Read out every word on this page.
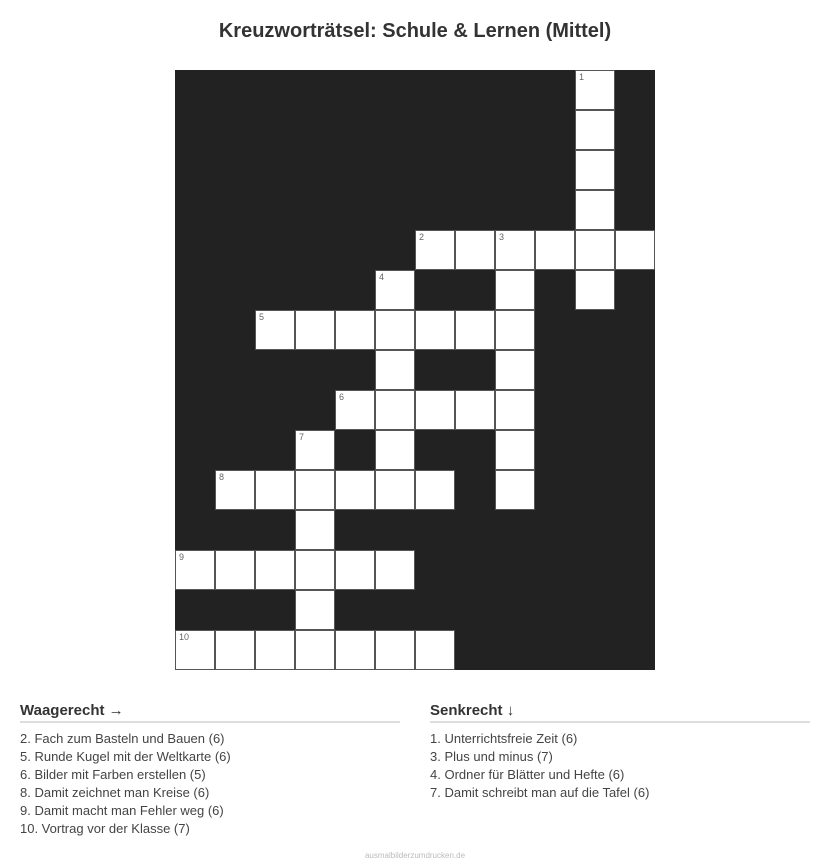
Kreuzworträtsel: Schule & Lernen (Mittel)
1
2	3
4
5
6
7
8
9
10
Waagerecht →
2. Fach zum Basteln und Bauen (6)
5. Runde Kugel mit der Weltkarte (6)
6. Bilder mit Farben erstellen (5)
8. Damit zeichnet man Kreise (6)
9. Damit macht man Fehler weg (6)
10. Vortrag vor der Klasse (7)
Senkrecht ↓
1. Unterrichtsfreie Zeit (6)
3. Plus und minus (7)
4. Ordner für Blätter und Hefte (6)
7. Damit schreibt man auf die Tafel (6)
ausmalbilderzumdrucken.de
